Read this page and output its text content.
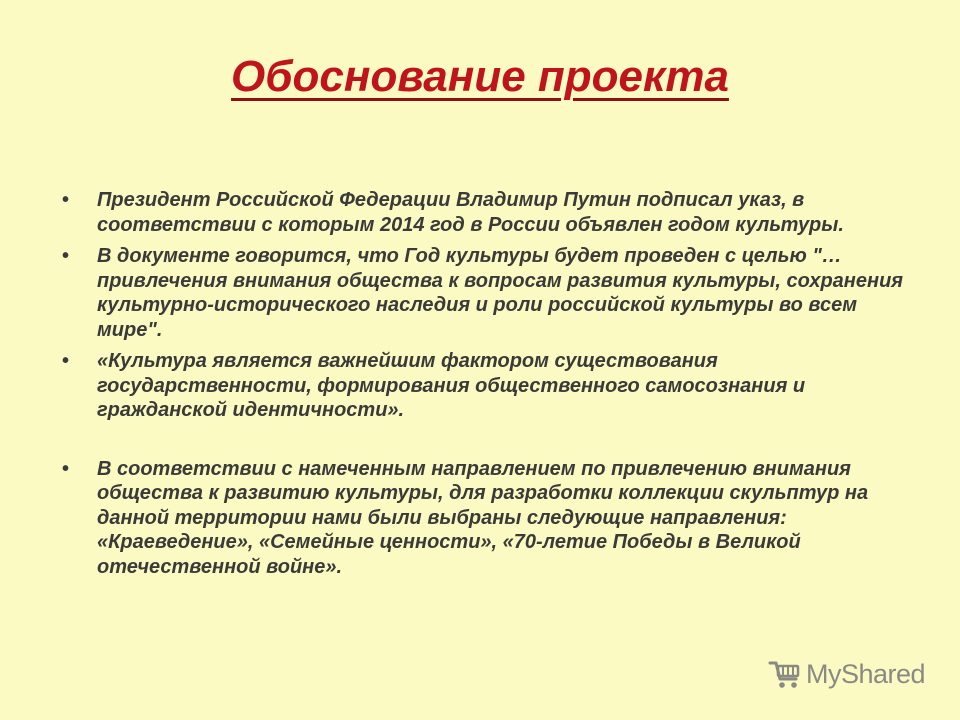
Обоснование проекта
• Президент Российской Федерации Владимир Путин подписал указ, в соответствии с которым 2014 год в России объявлен годом культуры.
• В документе говорится, что Год культуры будет проведен с целью "…привлечения внимания общества к вопросам развития культуры, сохранения культурно-исторического наследия и роли российской культуры во всем мире".
• «Культура является важнейшим фактором существования государственности, формирования общественного самосознания и гражданской идентичности».
• В соответствии с намеченным направлением по привлечению внимания общества к развитию культуры, для разработки коллекции скульптур на данной территории нами были выбраны следующие направления: «Краеведение», «Семейные ценности», «70-летие Победы в Великой отечественной войне».
MyShared
